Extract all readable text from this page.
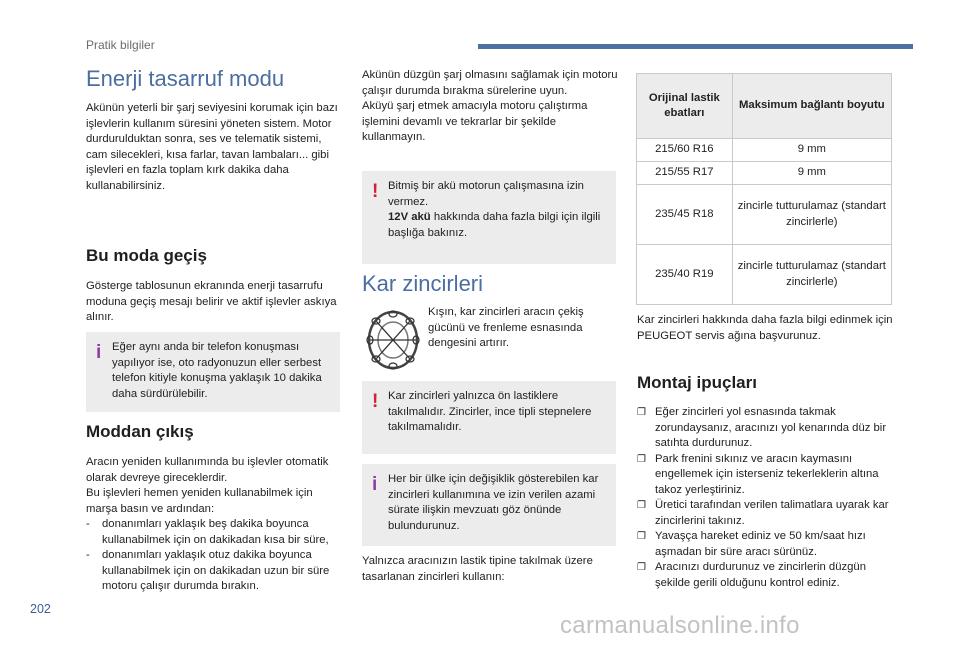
Pratik bilgiler
Enerji tasarruf modu

Akünün yeterli bir şarj seviyesini korumak için bazı işlevlerin kullanım süresini yöneten sistem. Motor durdurulduktan sonra, ses ve telematik sistemi, cam silecekleri, kısa farlar, tavan lambaları... gibi işlevleri en fazla toplam kırk dakika daha kullanabilirsiniz.

Bu moda geçiş

Gösterge tablosunun ekranında enerji tasarrufu moduna geçiş mesajı belirir ve aktif işlevler askıya alınır.

i Eğer aynı anda bir telefon konuşması yapılıyor ise, oto radyonuzun eller serbest telefon kitiyle konuşma yaklaşık 10 dakika daha sürdürülebilir.

Moddan çıkış

Aracın yeniden kullanımında bu işlevler otomatik olarak devreye gireceklerdir.

Bu işlevleri hemen yeniden kullanabilmek için marşa basın ve ardından:

- donanımları yaklaşık beş dakika boyunca kullanabilmek için on dakikadan kısa bir süre,
- donanımları yaklaşık otuz dakika boyunca kullanabilmek için on dakikadan uzun bir süre motoru çalışır durumda bırakın.

Akünün düzgün şarj olmasını sağlamak için motoru çalışır durumda bırakma sürelerine uyun.

Aküyü şarj etmek amacıyla motoru çalıştırma işlemini devamlı ve tekrarlar bir şekilde kullanmayın.

! Bitmiş bir akü motorun çalışmasına izin vermez.

12V akü hakkında daha fazla bilgi için ilgili başlığa bakınız.

Kar zincirleri

Kışın, kar zincirleri aracın çekiş gücünü ve frenleme esnasında dengesini artırır.

! Kar zincirleri yalnızca ön lastiklere takılmalıdır. Zincirler, ince tipli stepnelere takılmamalıdır.

i Her bir ülke için değişiklik gösterebilen kar zincirleri kullanımına ve izin verilen azami sürate ilişkin mevzuatı göz önünde bulundurunuz.

Yalnızca aracınızın lastik tipine takılmak üzere tasarlanan zincirleri kullanın:

Orijinal lastik ebatları	Maksimum bağlantı boyutu
215/60 R16	9 mm
215/55 R17	9 mm
235/45 R18	zincirle tutturulamaz (standart zincirlerle)
235/40 R19	zincirle tutturulamaz (standart zincirlerle)

Kar zincirleri hakkında daha fazla bilgi edinmek için PEUGEOT servis ağına başvurunuz.

Montaj ipuçları
❐ Eğer zincirleri yol esnasında takmak zorundaysanız, aracınızı yol kenarında düz bir satıhta durdurunuz.
❐ Park frenini sıkınız ve aracın kaymasını engellemek için isterseniz tekerleklerin altına takoz yerleştiriniz.
❐ Üretici tarafından verilen talimatlara uyarak kar zincirlerini takınız.
❐ Yavaşça hareket ediniz ve 50 km/saat hızı aşmadan bir süre aracı sürünüz.
❐ Aracınızı durdurunuz ve zincirlerin düzgün şekilde gerili olduğunu kontrol ediniz.
202
carmanualsonline.info
